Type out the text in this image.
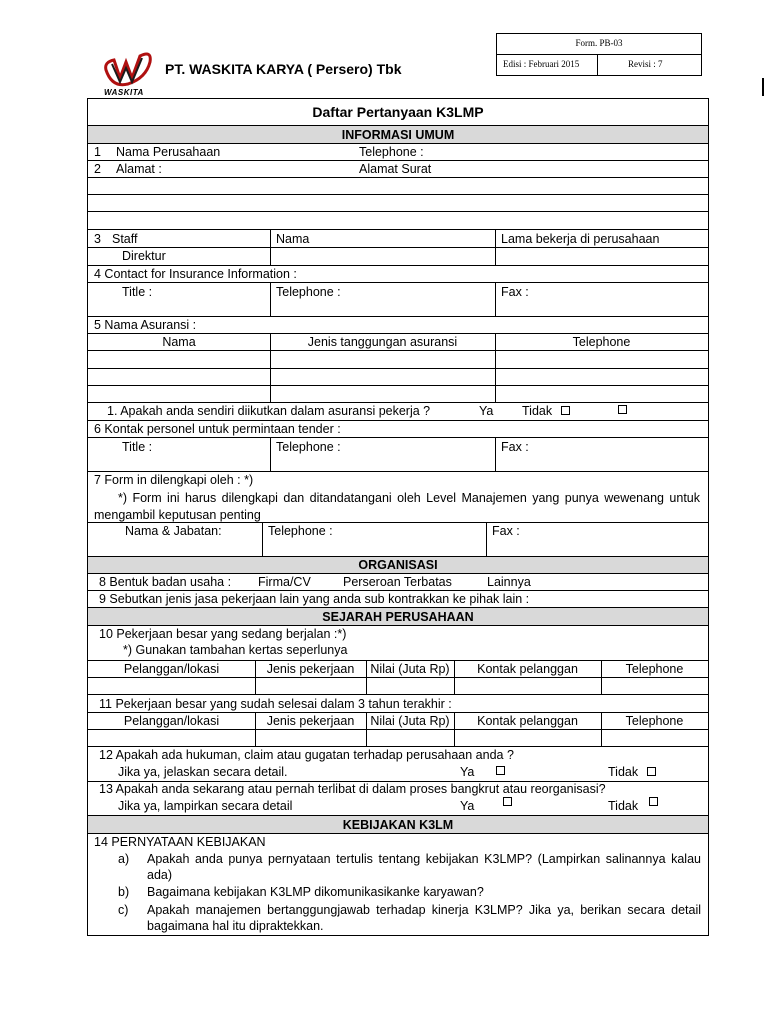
WASKITA
PT. WASKITA KARYA ( Persero) Tbk
Form. PB-03
Edisi : Februari 2015	Revisi : 7
Daftar Pertanyaan K3LMP
INFORMASI UMUM
1 Nama Perusahaan	Telephone :
2 Alamat :	Alamat Surat
3 Staff	Nama	Lama bekerja di perusahaan
Direktur
4 Contact for Insurance Information :
Title :	Telephone :	Fax :
5 Nama Asuransi :
Nama	Jenis tanggungan asuransi	Telephone
1. Apakah anda sendiri diikutkan dalam asuransi pekerja ?	Ya Tidak
6 Kontak personel untuk permintaan tender :
Title :	Telephone :	Fax :
7 Form in dilengkapi oleh : *)
*) Form ini harus dilengkapi dan ditandatangani oleh Level Manajemen yang punya wewenang untuk mengambil keputusan penting
Nama & Jabatan:	Telephone :	Fax :
ORGANISASI
8 Bentuk badan usaha : Firma/CV	Perseroan Terbatas	Lainnya
9 Sebutkan jenis jasa pekerjaan lain yang anda sub kontrakkan ke pihak lain :
SEJARAH PERUSAHAAN
10 Pekerjaan besar yang sedang berjalan :*)
*) Gunakan tambahan kertas seperlunya
Pelanggan/lokasi	Jenis pekerjaan	Nilai (Juta Rp)	Kontak pelanggan	Telephone
11 Pekerjaan besar yang sudah selesai dalam 3 tahun terakhir :
Pelanggan/lokasi	Jenis pekerjaan	Nilai (Juta Rp)	Kontak pelanggan	Telephone
12 Apakah ada hukuman, claim atau gugatan terhadap perusahaan anda ?
Jika ya, jelaskan secara detail.	Ya	Tidak
13 Apakah anda sekarang atau pernah terlibat di dalam proses bangkrut atau reorganisasi?
Jika ya, lampirkan secara detail	Ya	Tidak
KEBIJAKAN K3LM
14 PERNYATAAN KEBIJAKAN
a) Apakah anda punya pernyataan tertulis tentang kebijakan K3LMP? (Lampirkan salinannya kalau ada)
b) Bagaimana kebijakan K3LMP dikomunikasikanke karyawan?
c) Apakah manajemen bertanggungjawab terhadap kinerja K3LMP? Jika ya, berikan secara detail bagaimana hal itu dipraktekkan.
